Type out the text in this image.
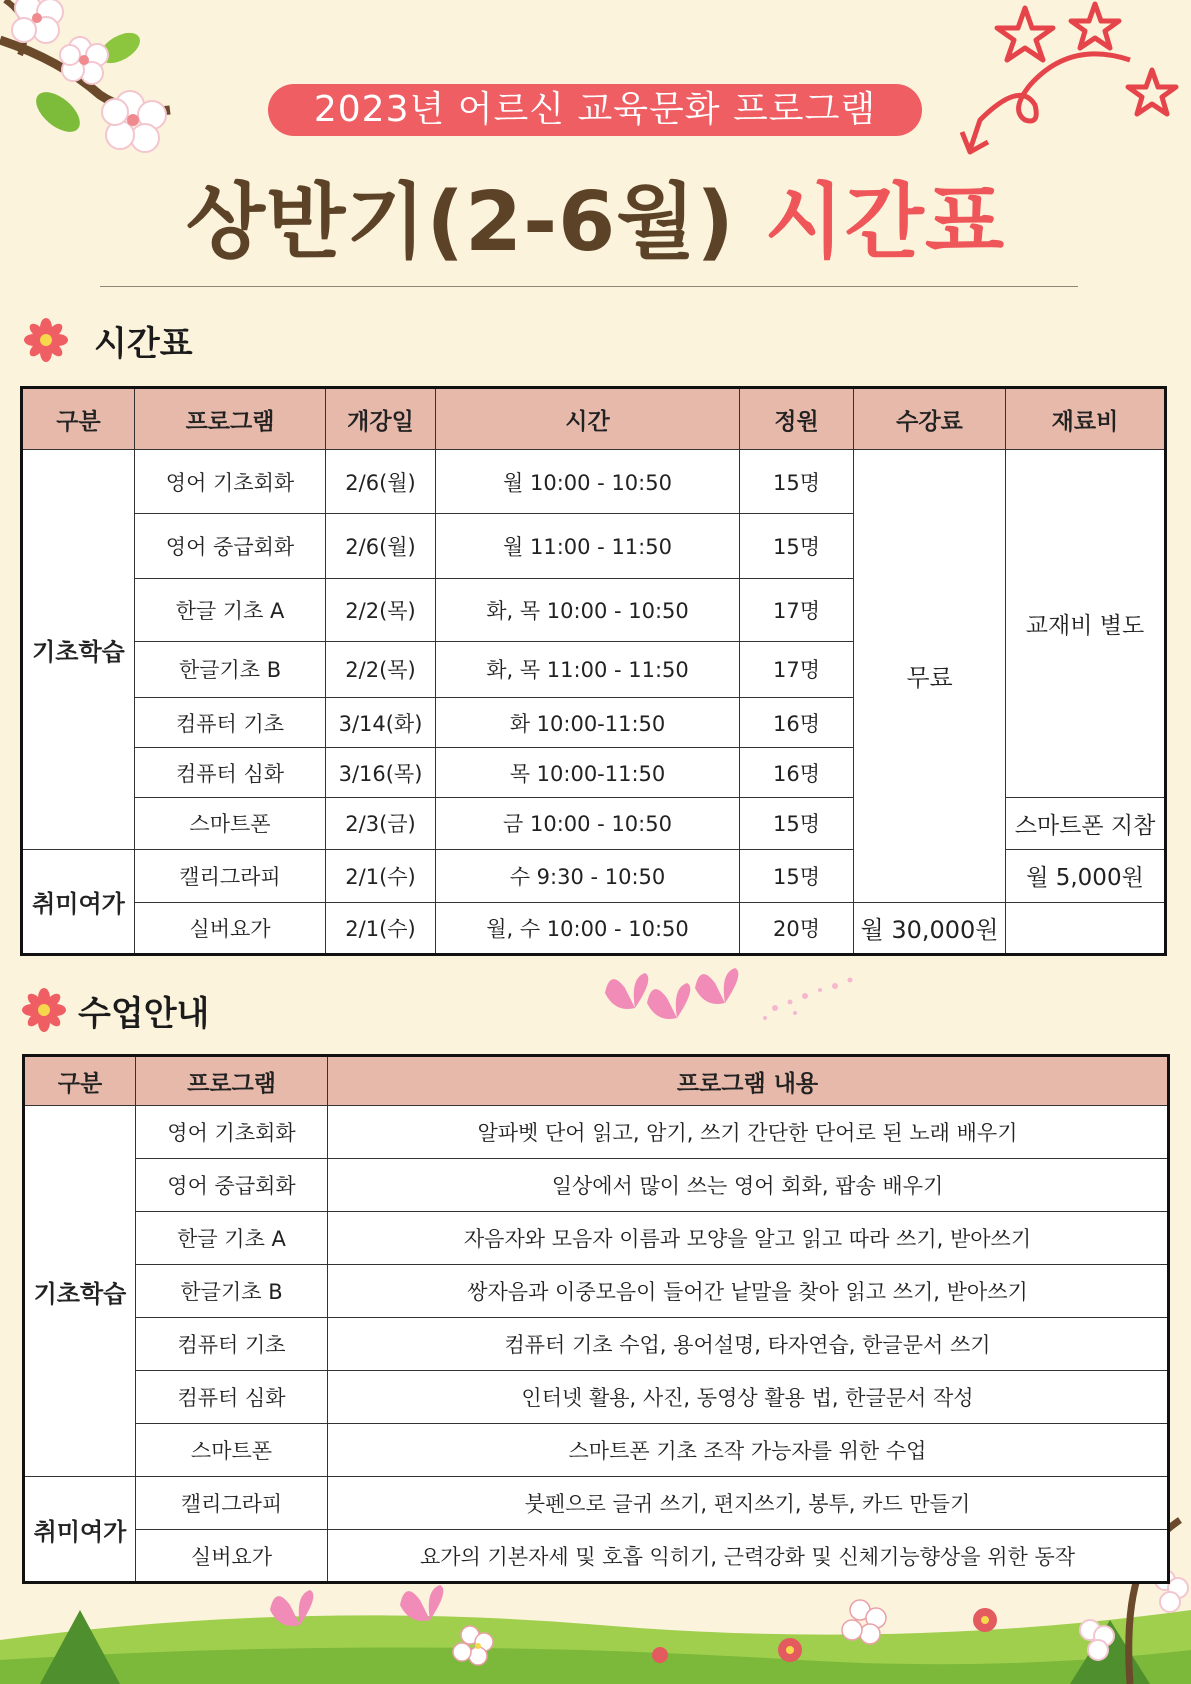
2023년 어르신 교육문화 프로그램
상반기(2-6월) 시간표
시간표
구분	프로그램	개강일	시간	정원	수강료	재료비
기초학습	영어 기초회화	2/6(월)	월 10:00 - 10:50	15명	무료	교재비 별도
	영어 중급회화	2/6(월)	월 11:00 - 11:50	15명		
	한글 기초 A	2/2(목)	화, 목 10:00 - 10:50	17명		
	한글기초 B	2/2(목)	화, 목 11:00 - 11:50	17명		
	컴퓨터 기초	3/14(화)	화 10:00-11:50	16명		
	컴퓨터 심화	3/16(목)	목 10:00-11:50	16명		
	스마트폰	2/3(금)	금 10:00 - 10:50	15명		스마트폰 지참
취미여가	캘리그라피	2/1(수)	수 9:30 - 10:50	15명		월 5,000원
	실버요가	2/1(수)	월, 수 10:00 - 10:50	20명	월 30,000원	
수업안내
구분	프로그램	프로그램 내용
기초학습	영어 기초회화	알파벳 단어 읽고, 암기, 쓰기 간단한 단어로 된 노래 배우기
	영어 중급회화	일상에서 많이 쓰는 영어 회화, 팝송 배우기
	한글 기초 A	자음자와 모음자 이름과 모양을 알고 읽고 따라 쓰기, 받아쓰기
	한글기초 B	쌍자음과 이중모음이 들어간 낱말을 찾아 읽고 쓰기, 받아쓰기
	컴퓨터 기초	컴퓨터 기초 수업, 용어설명, 타자연습, 한글문서 쓰기
	컴퓨터 심화	인터넷 활용, 사진, 동영상 활용 법, 한글문서 작성
	스마트폰	스마트폰 기초 조작 가능자를 위한 수업
취미여가	캘리그라피	붓펜으로 글귀 쓰기, 편지쓰기, 봉투, 카드 만들기
	실버요가	요가의 기본자세 및 호흡 익히기, 근력강화 및 신체기능향상을 위한 동작
